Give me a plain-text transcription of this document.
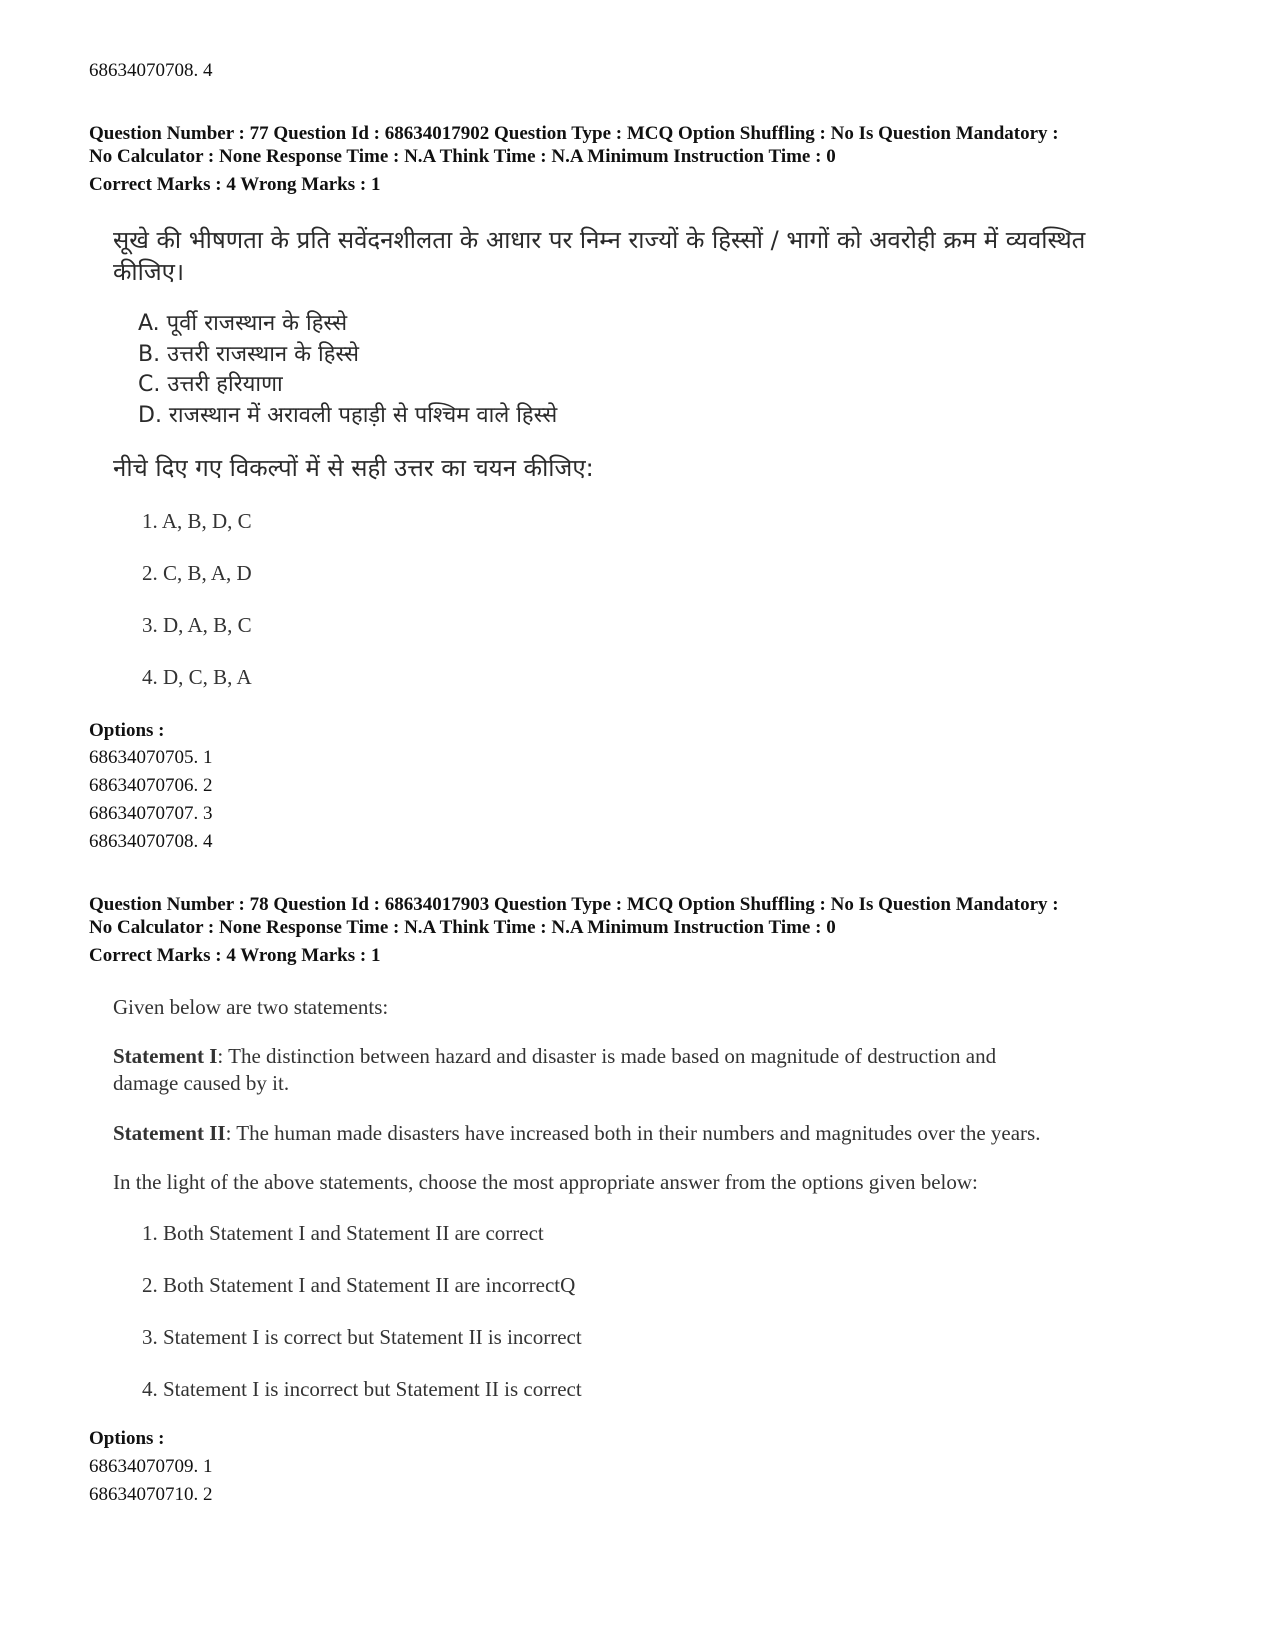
68634070708. 4
Question Number : 77 Question Id : 68634017902 Question Type : MCQ Option Shuffling : No Is Question Mandatory :
No Calculator : None Response Time : N.A Think Time : N.A Minimum Instruction Time : 0
Correct Marks : 4 Wrong Marks : 1
सूखे की भीषणता के प्रति सवेंदनशीलता के आधार पर निम्न राज्यों के हिस्सों / भागों को अवरोही क्रम में व्यवस्थित
कीजिए।
A. पूर्वी राजस्थान के हिस्से
B. उत्तरी राजस्थान के हिस्से
C. उत्तरी हरियाणा
D. राजस्थान में अरावली पहाड़ी से पश्चिम वाले हिस्से
नीचे दिए गए विकल्पों में से सही उत्तर का चयन कीजिए:
1. A, B, D, C
2. C, B, A, D
3. D, A, B, C
4. D, C, B, A
Options :
68634070705. 1
68634070706. 2
68634070707. 3
68634070708. 4
Question Number : 78 Question Id : 68634017903 Question Type : MCQ Option Shuffling : No Is Question Mandatory :
No Calculator : None Response Time : N.A Think Time : N.A Minimum Instruction Time : 0
Correct Marks : 4 Wrong Marks : 1
Given below are two statements:
Statement I: The distinction between hazard and disaster is made based on magnitude of destruction and
damage caused by it.
Statement II: The human made disasters have increased both in their numbers and magnitudes over the years.
In the light of the above statements, choose the most appropriate answer from the options given below:
1. Both Statement I and Statement II are correct
2. Both Statement I and Statement II are incorrectQ
3. Statement I is correct but Statement II is incorrect
4. Statement I is incorrect but Statement II is correct
Options :
68634070709. 1
68634070710. 2
